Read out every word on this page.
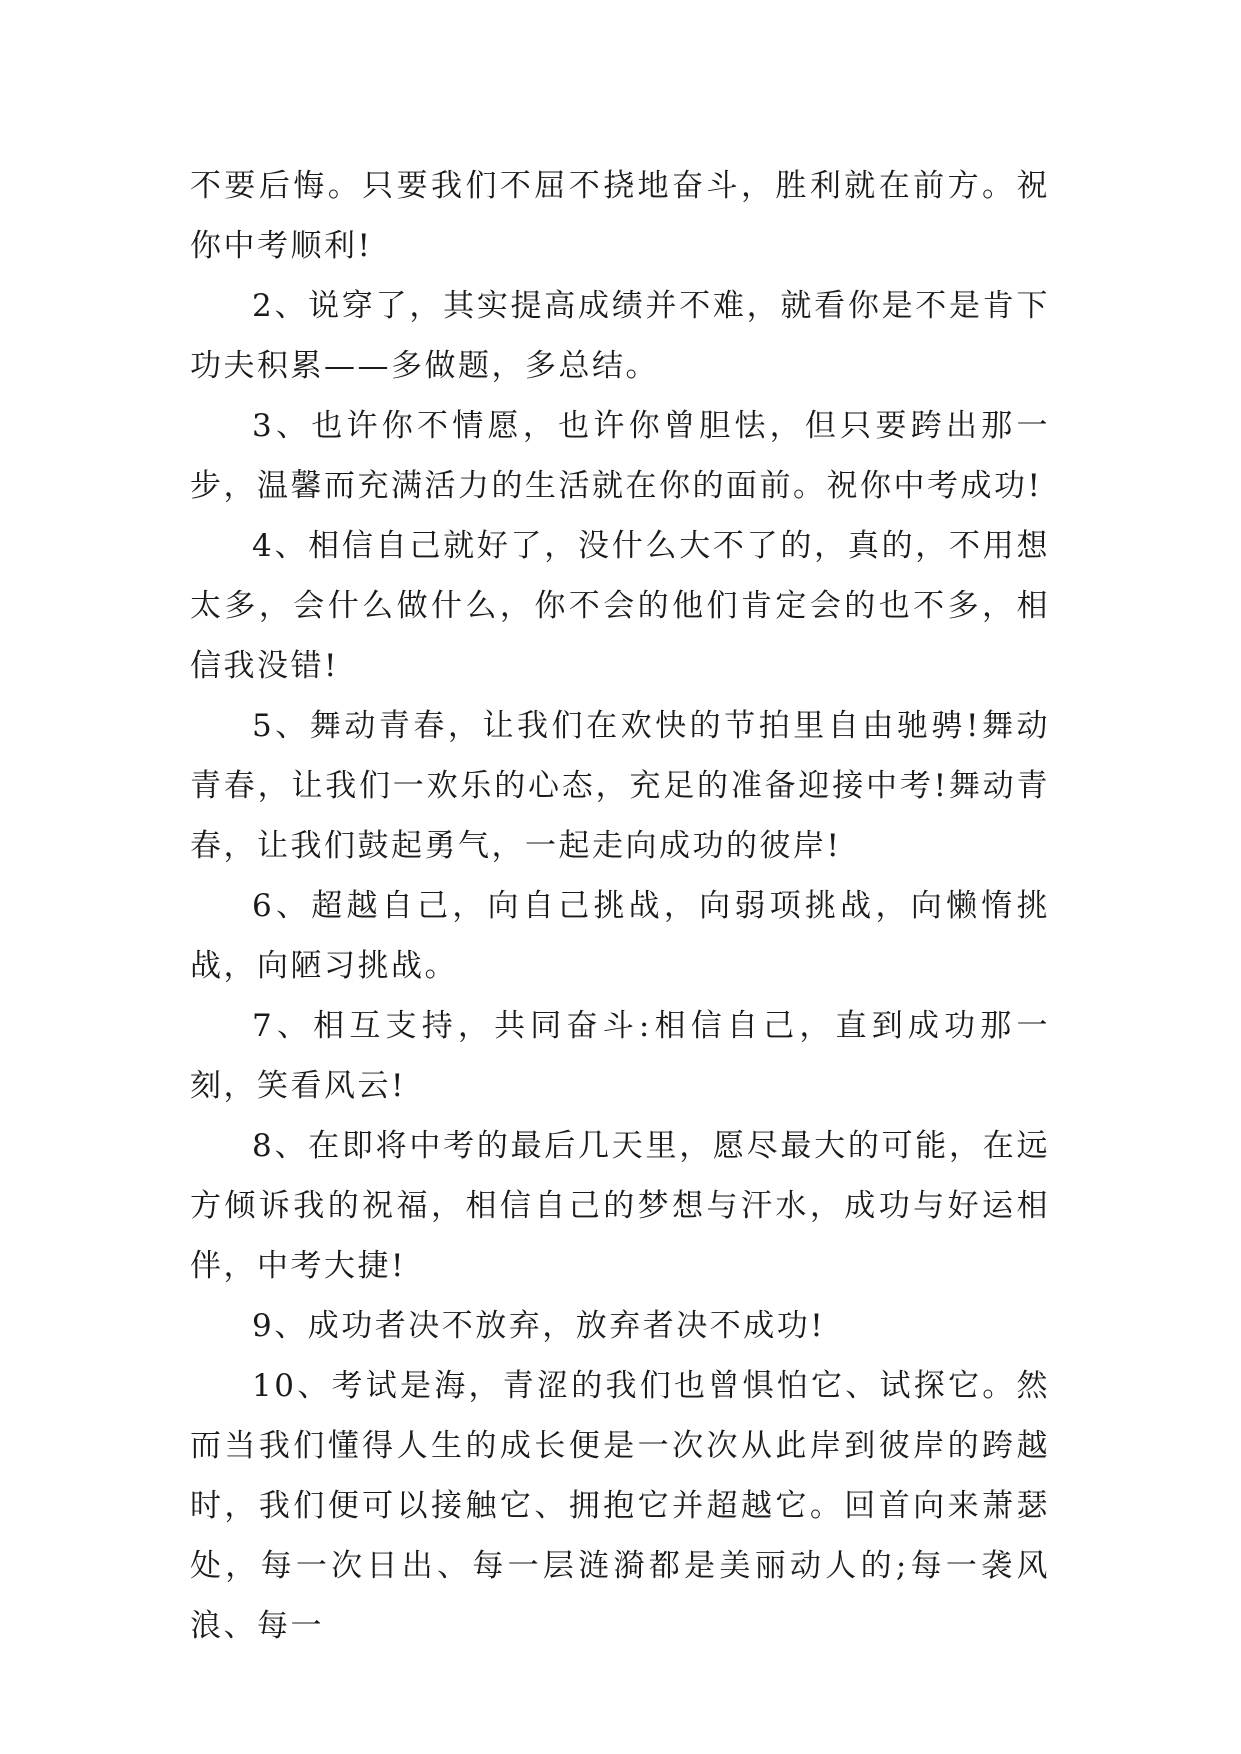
不要后悔。只要我们不屈不挠地奋斗，胜利就在前方。祝你中考顺利!

2、说穿了，其实提高成绩并不难，就看你是不是肯下功夫积累——多做题，多总结。

3、也许你不情愿，也许你曾胆怯，但只要跨出那一步，温馨而充满活力的生活就在你的面前。祝你中考成功!

4、相信自己就好了，没什么大不了的，真的，不用想太多，会什么做什么，你不会的他们肯定会的也不多，相信我没错!

5、舞动青春，让我们在欢快的节拍里自由驰骋!舞动青春，让我们一欢乐的心态，充足的准备迎接中考!舞动青春，让我们鼓起勇气，一起走向成功的彼岸!

6、超越自己，向自己挑战，向弱项挑战，向懒惰挑战，向陋习挑战。

7、相互支持，共同奋斗:相信自己，直到成功那一刻，笑看风云!

8、在即将中考的最后几天里，愿尽最大的可能，在远方倾诉我的祝福，相信自己的梦想与汗水，成功与好运相伴，中考大捷!

9、成功者决不放弃，放弃者决不成功!

10、考试是海，青涩的我们也曾惧怕它、试探它。然而当我们懂得人生的成长便是一次次从此岸到彼岸的跨越时，我们便可以接触它、拥抱它并超越它。回首向来萧瑟处，每一次日出、每一层涟漪都是美丽动人的;每一袭风浪、每一
